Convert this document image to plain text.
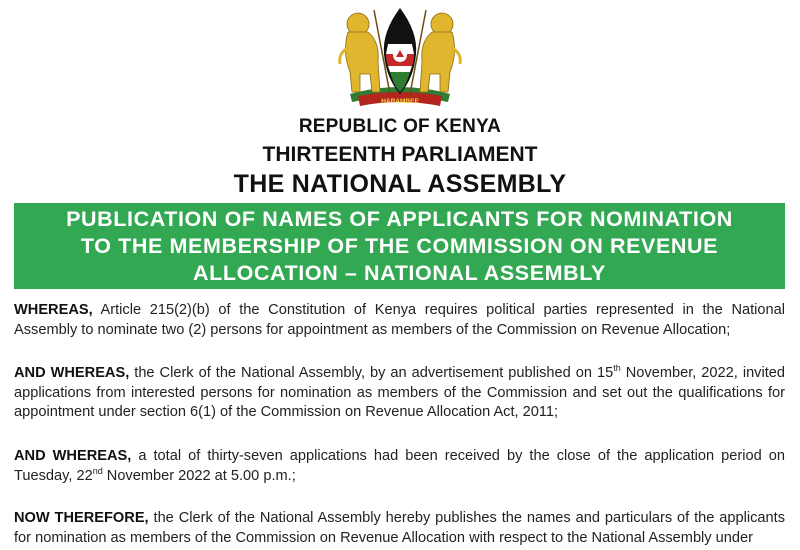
HARAMBEE
REPUBLIC OF KENYA
THIRTEENTH PARLIAMENT
THE NATIONAL ASSEMBLY
PUBLICATION OF NAMES OF APPLICANTS FOR NOMINATION
TO THE MEMBERSHIP OF THE COMMISSION ON REVENUE
ALLOCATION – NATIONAL ASSEMBLY
WHEREAS, Article 215(2)(b) of the Constitution of Kenya requires political parties represented in the National Assembly to nominate two (2) persons for appointment as members of the Commission on Revenue Allocation;
AND WHEREAS, the Clerk of the National Assembly, by an advertisement published on 15th November, 2022, invited applications from interested persons for nomination as members of the Commission and set out the qualifications for appointment under section 6(1) of the Commission on Revenue Allocation Act, 2011;
AND WHEREAS, a total of thirty-seven applications had been received by the close of the application period on Tuesday, 22nd November 2022 at 5.00 p.m.;
NOW THEREFORE, the Clerk of the National Assembly hereby publishes the names and particulars of the applicants for nomination as members of the Commission on Revenue Allocation with respect to the National Assembly under
